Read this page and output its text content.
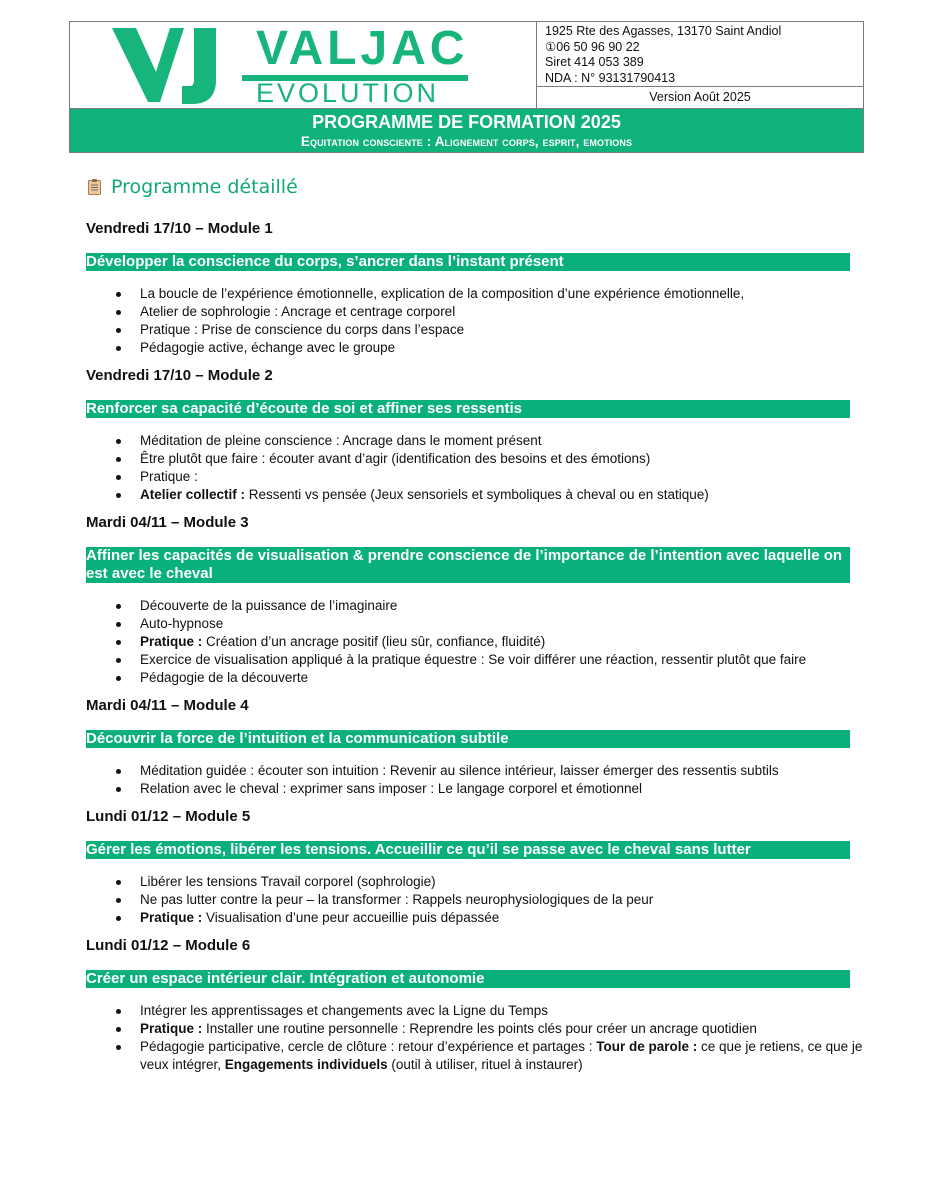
VALJAC
EVOLUTION
1925 Rte des Agasses, 13170 Saint Andiol
①06 50 96 90 22
Siret 414 053 389
NDA : N° 93131790413
Version Août 2025
PROGRAMME DE FORMATION 2025
Equitation consciente : Alignement corps, esprit, emotions
Programme détaillé
Vendredi 17/10 – Module 1
Développer la conscience du corps, s’ancrer dans l’instant présent
La boucle de l’expérience émotionnelle, explication de la composition d’une expérience émotionnelle,
Atelier de sophrologie : Ancrage et centrage corporel
Pratique : Prise de conscience du corps dans l’espace
Pédagogie active, échange avec le groupe
Vendredi 17/10 – Module 2
Renforcer sa capacité d’écoute de soi et affiner ses ressentis
Méditation de pleine conscience : Ancrage dans le moment présent
Être plutôt que faire : écouter avant d’agir (identification des besoins et des émotions)
Pratique :
Atelier collectif : Ressenti vs pensée (Jeux sensoriels et symboliques à cheval ou en statique)
Mardi 04/11 – Module 3
Affiner les capacités de visualisation & prendre conscience de l’importance de l’intention avec laquelle on est avec le cheval
Découverte de la puissance de l’imaginaire
Auto-hypnose
Pratique : Création d’un ancrage positif (lieu sûr, confiance, fluidité)
Exercice de visualisation appliqué à la pratique équestre : Se voir différer une réaction, ressentir plutôt que faire
Pédagogie de la découverte
Mardi 04/11 – Module 4
Découvrir la force de l’intuition et la communication subtile
Méditation guidée : écouter son intuition : Revenir au silence intérieur, laisser émerger des ressentis subtils
Relation avec le cheval : exprimer sans imposer : Le langage corporel et émotionnel
Lundi 01/12 – Module 5
Gérer les émotions, libérer les tensions. Accueillir ce qu’il se passe avec le cheval sans lutter
Libérer les tensions Travail corporel (sophrologie)
Ne pas lutter contre la peur – la transformer : Rappels neurophysiologiques de la peur
Pratique : Visualisation d’une peur accueillie puis dépassée
Lundi 01/12 – Module 6
Créer un espace intérieur clair. Intégration et autonomie
Intégrer les apprentissages et changements avec la Ligne du Temps
Pratique : Installer une routine personnelle : Reprendre les points clés pour créer un ancrage quotidien
Pédagogie participative, cercle de clôture : retour d’expérience et partages : Tour de parole : ce que je retiens, ce que je veux intégrer, Engagements individuels (outil à utiliser, rituel à instaurer)
